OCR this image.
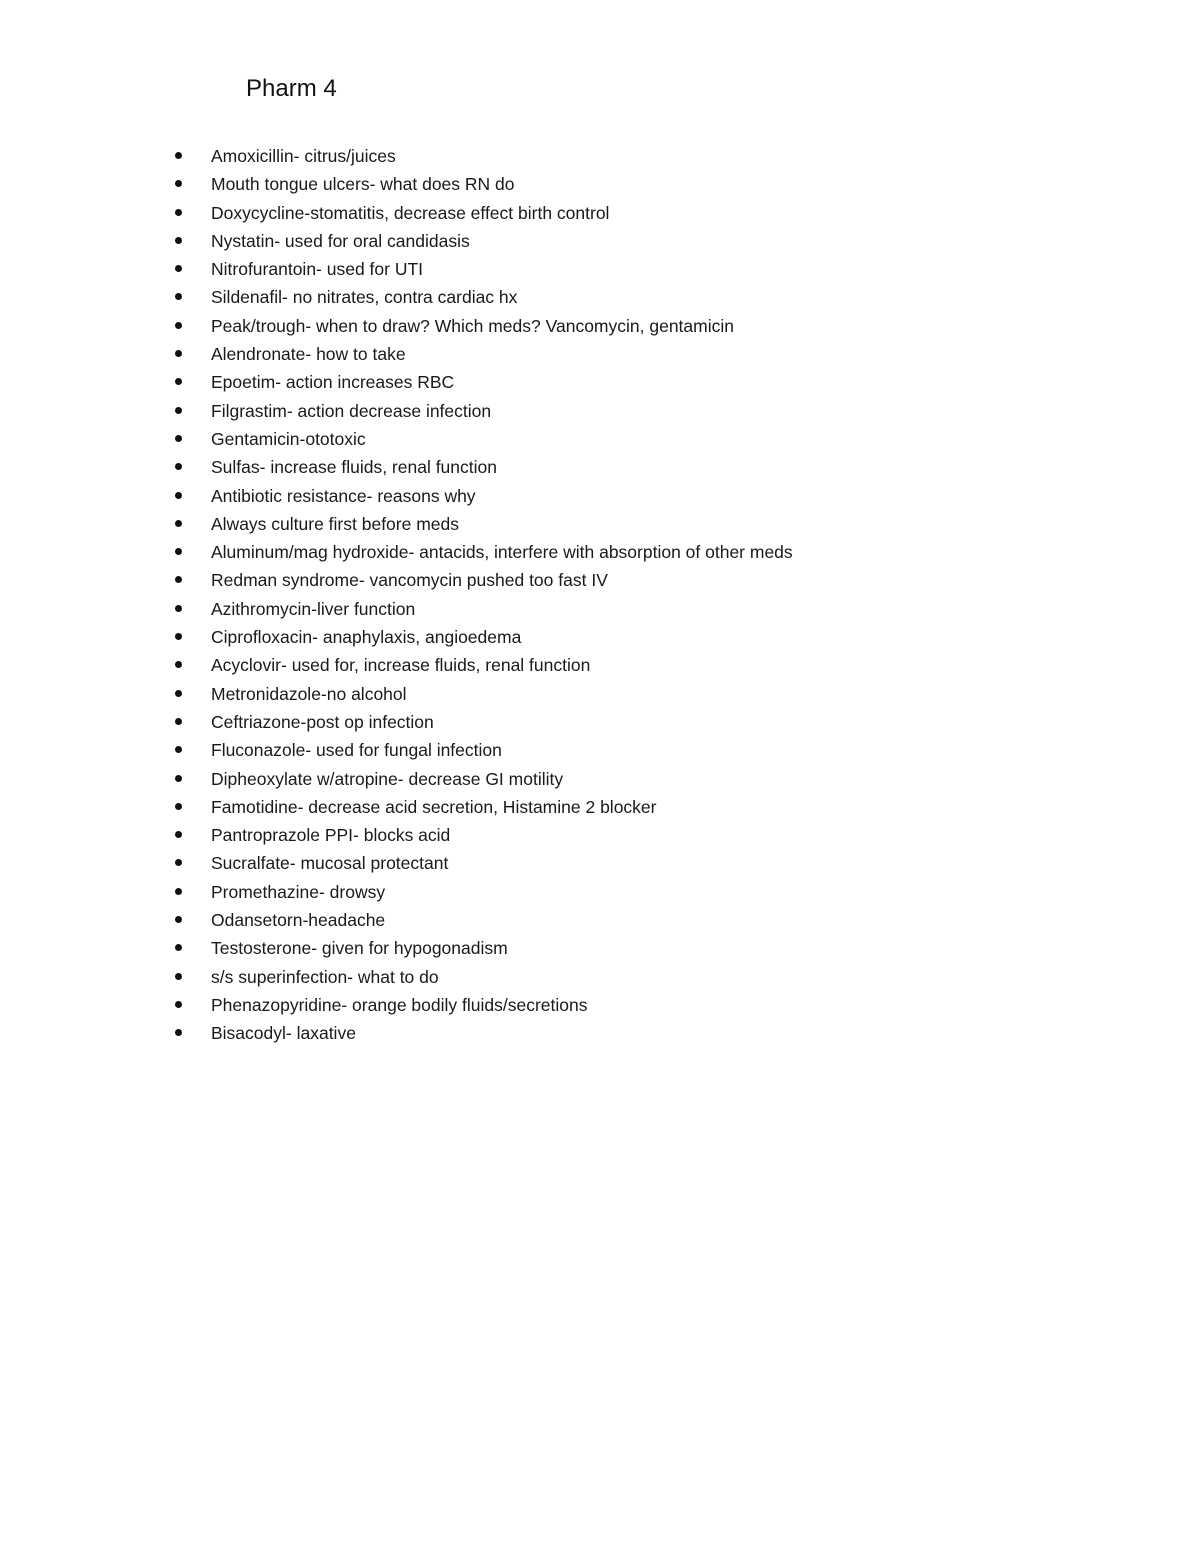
Pharm 4
Amoxicillin- citrus/juices
Mouth tongue ulcers- what does RN do
Doxycycline-stomatitis, decrease effect birth control
Nystatin- used for oral candidasis
Nitrofurantoin- used for UTI
Sildenafil- no nitrates, contra cardiac hx
Peak/trough- when to draw? Which meds? Vancomycin, gentamicin
Alendronate- how to take
Epoetim- action increases RBC
Filgrastim- action decrease infection
Gentamicin-ototoxic
Sulfas- increase fluids, renal function
Antibiotic resistance- reasons why
Always culture first before meds
Aluminum/mag hydroxide- antacids, interfere with absorption of other meds
Redman syndrome- vancomycin pushed too fast IV
Azithromycin-liver function
Ciprofloxacin- anaphylaxis, angioedema
Acyclovir- used for, increase fluids, renal function
Metronidazole-no alcohol
Ceftriazone-post op infection
Fluconazole- used for fungal infection
Dipheoxylate w/atropine- decrease GI motility
Famotidine- decrease acid secretion, Histamine 2 blocker
Pantroprazole PPI- blocks acid
Sucralfate- mucosal protectant
Promethazine- drowsy
Odansetorn-headache
Testosterone- given for hypogonadism
s/s superinfection- what to do
Phenazopyridine- orange bodily fluids/secretions
Bisacodyl- laxative
